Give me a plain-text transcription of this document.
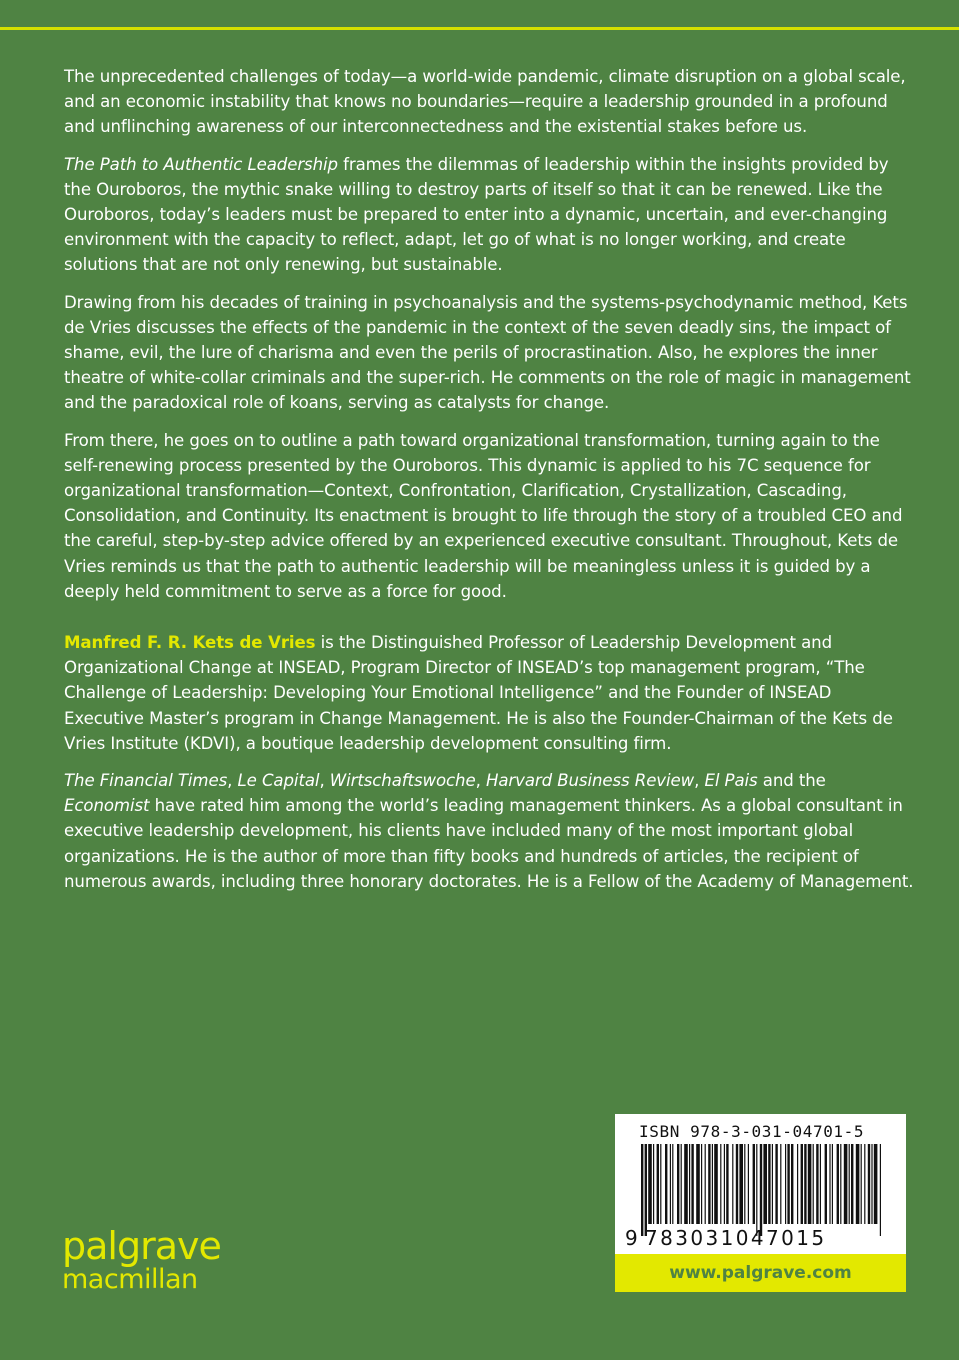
The unprecedented challenges of today—a world-wide pandemic, climate disruption on a global scale, and an economic instability that knows no boundaries—require a leadership grounded in a profound and unflinching awareness of our interconnectedness and the existential stakes before us.

The Path to Authentic Leadership frames the dilemmas of leadership within the insights provided by the Ouroboros, the mythic snake willing to destroy parts of itself so that it can be renewed. Like the Ouroboros, today’s leaders must be prepared to enter into a dynamic, uncertain, and ever-changing environment with the capacity to reflect, adapt, let go of what is no longer working, and create solutions that are not only renewing, but sustainable.

Drawing from his decades of training in psychoanalysis and the systems-psychodynamic method, Kets de Vries discusses the effects of the pandemic in the context of the seven deadly sins, the impact of shame, evil, the lure of charisma and even the perils of procrastination. Also, he explores the inner theatre of white-collar criminals and the super-rich. He comments on the role of magic in management and the paradoxical role of koans, serving as catalysts for change.

From there, he goes on to outline a path toward organizational transformation, turning again to the self-renewing process presented by the Ouroboros. This dynamic is applied to his 7C sequence for organizational transformation—Context, Confrontation, Clarification, Crystallization, Cascading, Consolidation, and Continuity. Its enactment is brought to life through the story of a troubled CEO and the careful, step-by-step advice offered by an experienced executive consultant. Throughout, Kets de Vries reminds us that the path to authentic leadership will be meaningless unless it is guided by a deeply held commitment to serve as a force for good.

Manfred F. R. Kets de Vries is the Distinguished Professor of Leadership Development and Organizational Change at INSEAD, Program Director of INSEAD’s top management program, “The Challenge of Leadership: Developing Your Emotional Intelligence” and the Founder of INSEAD Executive Master’s program in Change Management. He is also the Founder-Chairman of the Kets de Vries Institute (KDVI), a boutique leadership development consulting firm.

The Financial Times, Le Capital, Wirtschaftswoche, Harvard Business Review, El Pais and the Economist have rated him among the world’s leading management thinkers. As a global consultant in executive leadership development, his clients have included many of the most important global organizations. He is the author of more than fifty books and hundreds of articles, the recipient of numerous awards, including three honorary doctorates. He is a Fellow of the Academy of Management.

palgrave
macmillan
ISBN 978-3-031-04701-5
9 783031047015
www.palgrave.com
